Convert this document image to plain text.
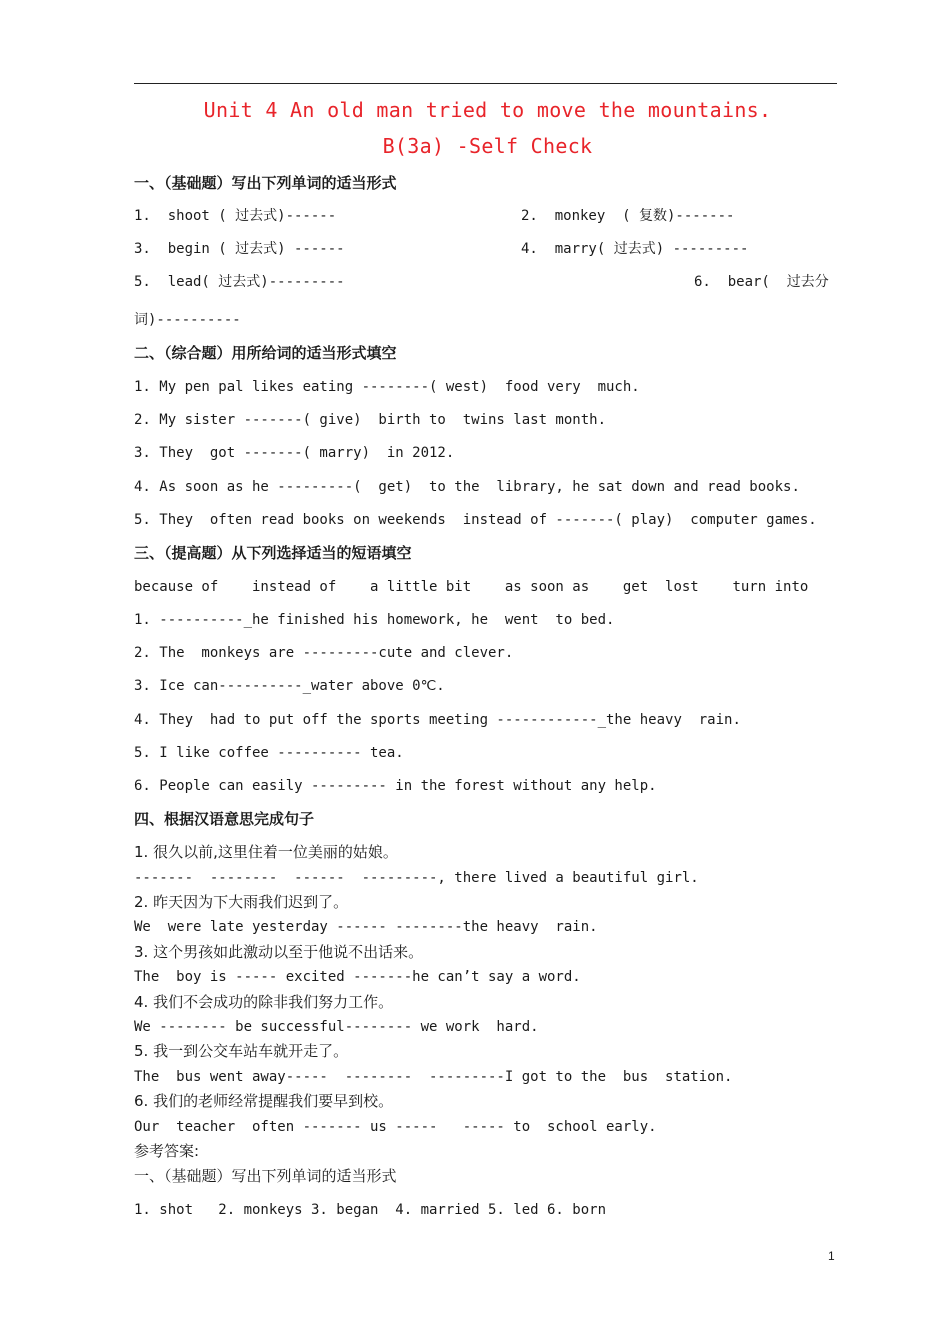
Unit 4 An old man tried to move the mountains.
B(3a) -Self Check
一、（基础题）写出下列单词的适当形式
1.  shoot ( 过去式)------	2.  monkey  ( 复数)-------
3.  begin ( 过去式) ------	4.  marry( 过去式) ---------
5.  lead( 过去式)---------	6.  bear(  过去分
词)----------
二、（综合题）用所给词的适当形式填空
1. My pen pal likes eating --------( west)  food very  much.
2. My sister -------( give)  birth to  twins last month.
3. They  got -------( marry)  in 2012.
4. As soon as he ---------(  get)  to the  library, he sat down and read books.
5. They  often read books on weekends  instead of -------( play)  computer games.
三、（提高题）从下列选择适当的短语填空
because of    instead of    a little bit    as soon as    get  lost    turn into
1. ----------_he finished his homework, he  went  to bed.
2. The  monkeys are ---------cute and clever.
3. Ice can----------_water above 0℃.
4. They  had to put off the sports meeting ------------_the heavy  rain.
5. I like coffee ---------- tea.
6. People can easily --------- in the forest without any help.
四、根据汉语意思完成句子
1. 很久以前,这里住着一位美丽的姑娘。
-------  --------  ------  ---------, there lived a beautiful girl.
2. 昨天因为下大雨我们迟到了。
We  were late yesterday ------ --------the heavy  rain.
3. 这个男孩如此激动以至于他说不出话来。
The  boy is ----- excited -------he can’t say a word.
4. 我们不会成功的除非我们努力工作。
We -------- be successful-------- we work  hard.
5. 我一到公交车站车就开走了。
The  bus went away-----  --------  ---------I got to the  bus  station.
6. 我们的老师经常提醒我们要早到校。
Our  teacher  often ------- us -----   ----- to  school early.
参考答案:
一、（基础题）写出下列单词的适当形式
1. shot   2. monkeys 3. began  4. married 5. led 6. born
1
